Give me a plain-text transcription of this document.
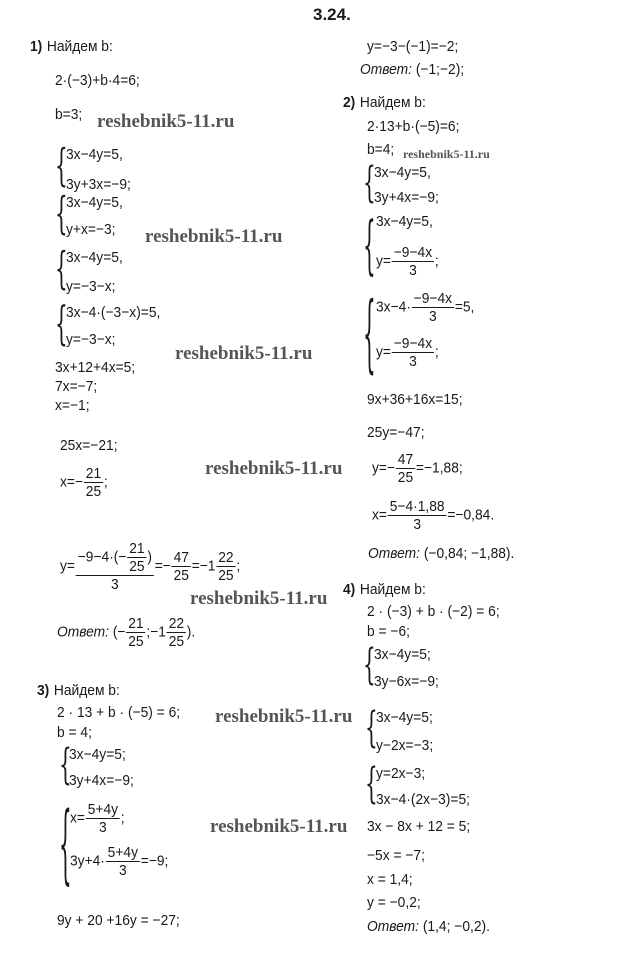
3.24.
1) Найдем b:
2·(−3)+b·4=6;
b=3; reshebnik5-11.ru
{
3x−4y=5,
3y+3x=−9;
{
3x−4y=5,
y+x=−3; reshebnik5-11.ru
{
3x−4y=5,
y=−3−x;
{
3x−4·(−3−x)=5,
y=−3−x;
reshebnik5-11.ru
3x+12+4x=5;
7x=−7;
x=−1;
y=−3−(−1)=−2;
Ответ: (−1;−2);
25x=−21;
$x=- \frac{21}{25}$ ;
reshebnik5-11.ru
$y= \frac{-9-4\cdot(- \frac{21}{25} )}{3} =- \frac{47}{25} =-1 \frac{22}{25}$ ;
reshebnik5-11.ru
Ответ: (− $\frac{21}{25}$ ;−1 $\frac{22}{25}$ ).
2) Найдем b:
2·13+b·(−5)=6;
b=4; reshebnik5-11.ru
{
3x−4y=5,
3y+4x=−9;
{ 3x−4y=5,
$y= \frac{-9-4x}{3}$ ;
{ $3x-4\cdot \frac{-9-4x}{3} =5$,
$y= \frac{-9-4x}{3}$ ;
9x+36+16x=15;
25y=−47;
$y=- \frac{47}{25} =-1,88$;
$x= \frac{5-4\cdot 1,88}{3} =-0,84$.
Ответ: (−0,84; −1,88).
3) Найдем b:
2 · 13 + b · (−5) = 6;
b = 4;
reshebnik5-11.ru
{
3x−4y=5;
3y+4x=−9;
{
$x= \frac{5+4y}{3}$ ;
$3y+4\cdot \frac{5+4y}{3} =-9$;
reshebnik5-11.ru
9y + 20 +16y = −27;
4) Найдем b:
2 · (−3) + b · (−2) = 6;
b = −6;
{
3x−4y=5;
3y−6x=−9;
{
3x−4y=5;
y−2x=−3;
{
y=2x−3;
3x−4·(2x−3)=5;
3x − 8x + 12 = 5;
−5x = −7;
x = 1,4;
y = −0,2;
Ответ: (1,4; −0,2).
